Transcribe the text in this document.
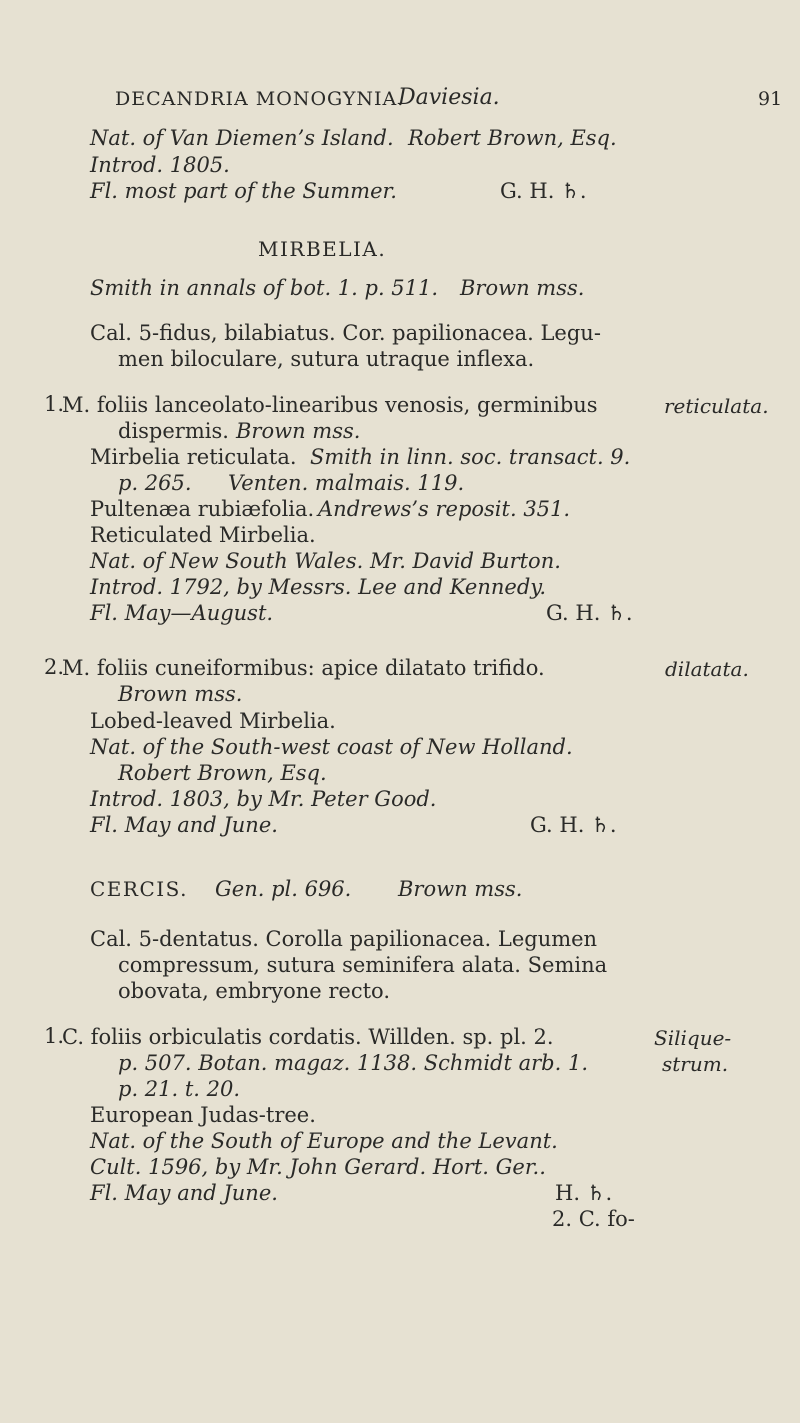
DECANDRIA MONOGYNIA.
Daviesia.	91
Nat. of Van Diemen’s Island. Robert Brown, Esq.
Introd. 1805.
Fl. most part of the Summer.	G. H. ♄.
MIRBELIA.
Smith in annals of bot. 1. p. 511. Brown mss.
Cal. 5-fidus, bilabiatus. Cor. papilionacea. Legu-
men biloculare, sutura utraque inflexa.
1.
M. foliis lanceolato-linearibus venosis, germinibus	reticulata.
dispermis. Brown mss.
Mirbelia reticulata. Smith in linn. soc. transact. 9.
p. 265. Venten. malmais. 119.
Pultenæa rubiæfolia. Andrews’s reposit. 351.
Reticulated Mirbelia.
Nat. of New South Wales. Mr. David Burton.
Introd. 1792, by Messrs. Lee and Kennedy.
Fl. May—August.	G. H. ♄.
2.
M. foliis cuneiformibus: apice dilatato trifido.	dilatata.
Brown mss.
Lobed-leaved Mirbelia.
Nat. of the South-west coast of New Holland.
Robert Brown, Esq.
Introd. 1803, by Mr. Peter Good.
Fl. May and June.	G. H. ♄.
CERCIS. Gen. pl. 696. Brown mss.
Cal. 5-dentatus. Corolla papilionacea. Legumen
compressum, sutura seminifera alata. Semina
obovata, embryone recto.
1.
C. foliis orbiculatis cordatis. Willden. sp. pl. 2.	Silique-
strum.
p. 507. Botan. magaz. 1138. Schmidt arb. 1.
p. 21. t. 20.
European Judas-tree.
Nat. of the South of Europe and the Levant.
Cult. 1596, by Mr. John Gerard. Hort. Ger..
Fl. May and June.	H. ♄.
2. C. fo-
